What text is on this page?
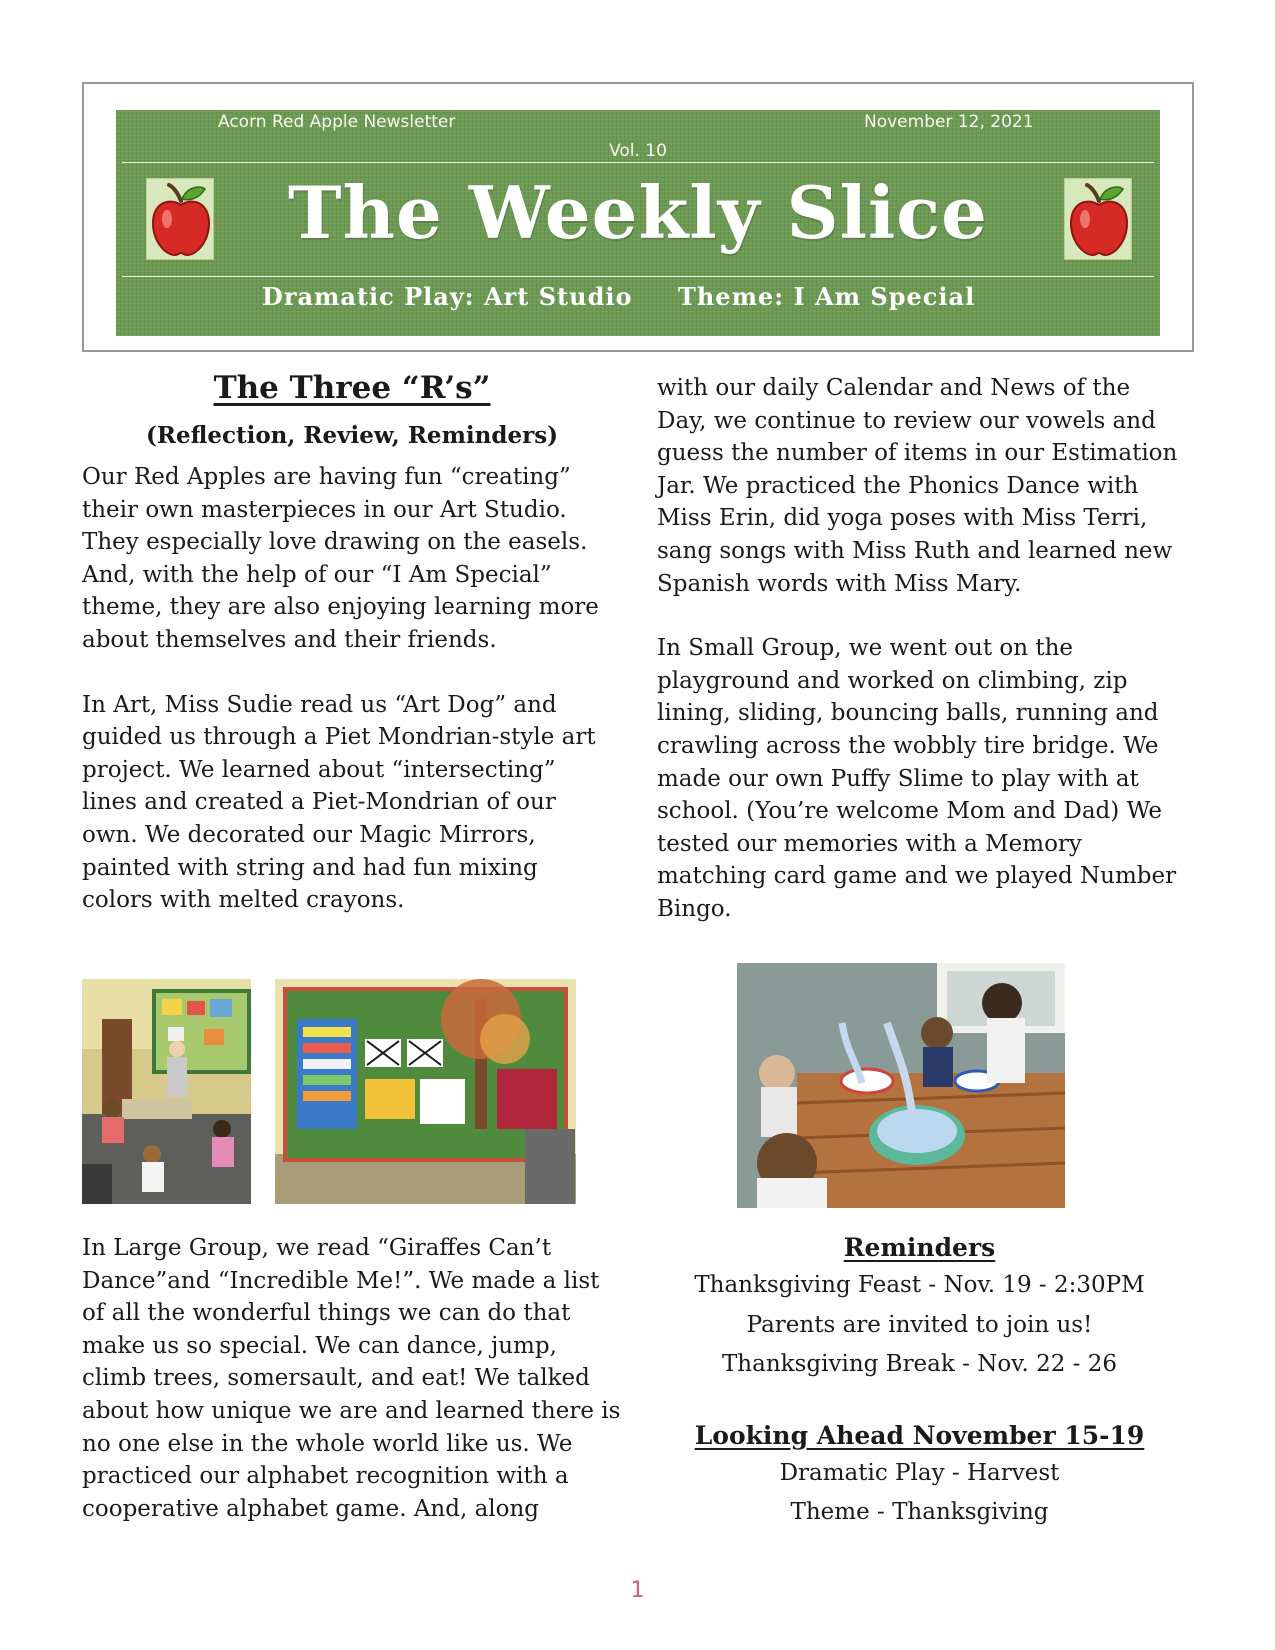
Acorn Red Apple Newsletter	November 12, 2021
Vol. 10
The Weekly Slice
Dramatic Play: Art Studio Theme: I Am Special
The Three “R’s”
(Reflection, Review, Reminders)

Our Red Apples are having fun “creating” their own masterpieces in our Art Studio. They especially love drawing on the easels. And, with the help of our “I Am Special” theme, they are also enjoying learning more about themselves and their friends.

In Art, Miss Sudie read us “Art Dog” and guided us through a Piet Mondrian-style art project. We learned about “intersecting” lines and created a Piet-Mondrian of our own. We decorated our Magic Mirrors, painted with string and had fun mixing colors with melted crayons.

In Large Group, we read “Giraffes Can’t Dance”and “Incredible Me!”. We made a list of all the wonderful things we can do that make us so special. We can dance, jump, climb trees, somersault, and eat! We talked about how unique we are and learned there is no one else in the whole world like us. We practiced our alphabet recognition with a cooperative alphabet game. And, along

with our daily Calendar and News of the Day, we continue to review our vowels and guess the number of items in our Estimation Jar. We practiced the Phonics Dance with Miss Erin, did yoga poses with Miss Terri, sang songs with Miss Ruth and learned new Spanish words with Miss Mary.

In Small Group, we went out on the playground and worked on climbing, zip lining, sliding, bouncing balls, running and crawling across the wobbly tire bridge. We made our own Puffy Slime to play with at school. (You’re welcome Mom and Dad) We tested our memories with a Memory matching card game and we played Number Bingo.

Reminders
Thanksgiving Feast - Nov. 19 - 2:30PM
Parents are invited to join us!
Thanksgiving Break - Nov. 22 - 26
Looking Ahead November 15-19
Dramatic Play - Harvest
Theme - Thanksgiving
1
